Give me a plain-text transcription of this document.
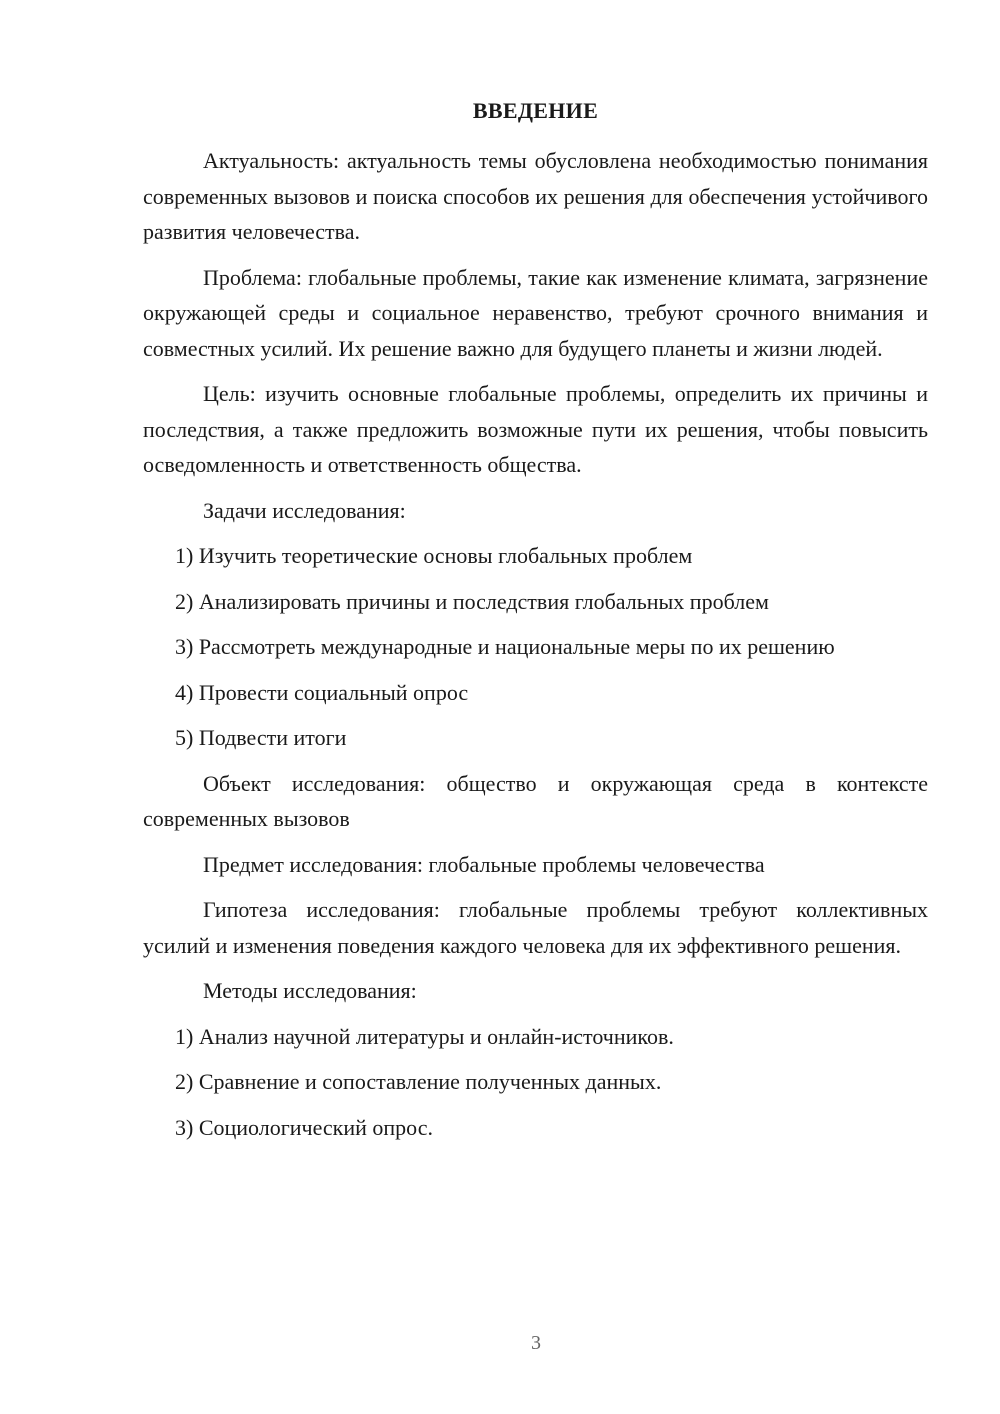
ВВЕДЕНИЕ

Актуальность: актуальность темы обусловлена необходимостью понимания современных вызовов и поиска способов их решения для обеспечения устойчивого развития человечества.

Проблема: глобальные проблемы, такие как изменение климата, загрязнение окружающей среды и социальное неравенство, требуют срочного внимания и совместных усилий. Их решение важно для будущего планеты и жизни людей.

Цель: изучить основные глобальные проблемы, определить их причины и последствия, а также предложить возможные пути их решения, чтобы повысить осведомленность и ответственность общества.

Задачи исследования:

1) Изучить теоретические основы глобальных проблем

2) Анализировать причины и последствия глобальных проблем

3) Рассмотреть международные и национальные меры по их решению

4) Провести социальный опрос

5) Подвести итоги

Объект исследования: общество и окружающая среда в контексте современных вызовов

Предмет исследования: глобальные проблемы человечества

Гипотеза исследования: глобальные проблемы требуют коллективных усилий и изменения поведения каждого человека для их эффективного решения.

Методы исследования:

1) Анализ научной литературы и онлайн-источников.

2) Сравнение и сопоставление полученных данных.

3) Социологический опрос.

3
